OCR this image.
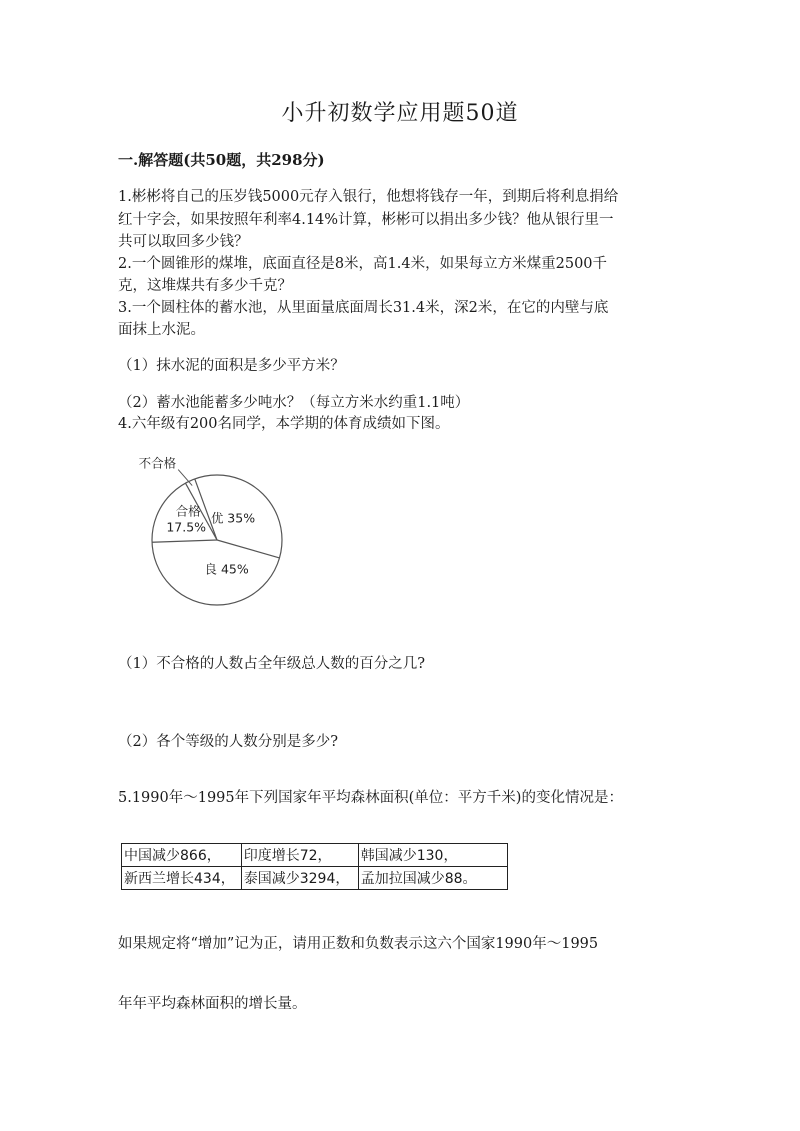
小升初数学应用题50道
一.解答题(共50题，共298分)

1.彬彬将自己的压岁钱5000元存入银行，他想将钱存一年，到期后将利息捐给

红十字会，如果按照年利率4.14%计算，彬彬可以捐出多少钱？他从银行里一

共可以取回多少钱？

2.一个圆锥形的煤堆，底面直径是8米，高1.4米，如果每立方米煤重2500千

克，这堆煤共有多少千克？

3.一个圆柱体的蓄水池，从里面量底面周长31.4米，深2米，在它的内壁与底

面抹上水泥。

（1）抹水泥的面积是多少平方米？

（2）蓄水池能蓄多少吨水？（每立方米水约重1.1吨）

4.六年级有200名同学，本学期的体育成绩如下图。

优 35%
良 45%
合格
17.5%
不合格

（1）不合格的人数占全年级总人数的百分之几?

（2）各个等级的人数分别是多少?

5.1990年～1995年下列国家年平均森林面积(单位：平方千米)的变化情况是：

中国减少866，	印度增长72，	韩国减少130，
新西兰增长434，	泰国减少3294，	孟加拉国减少88。

如果规定将“增加”记为正，请用正数和负数表示这六个国家1990年～1995

年年平均森林面积的增长量。
